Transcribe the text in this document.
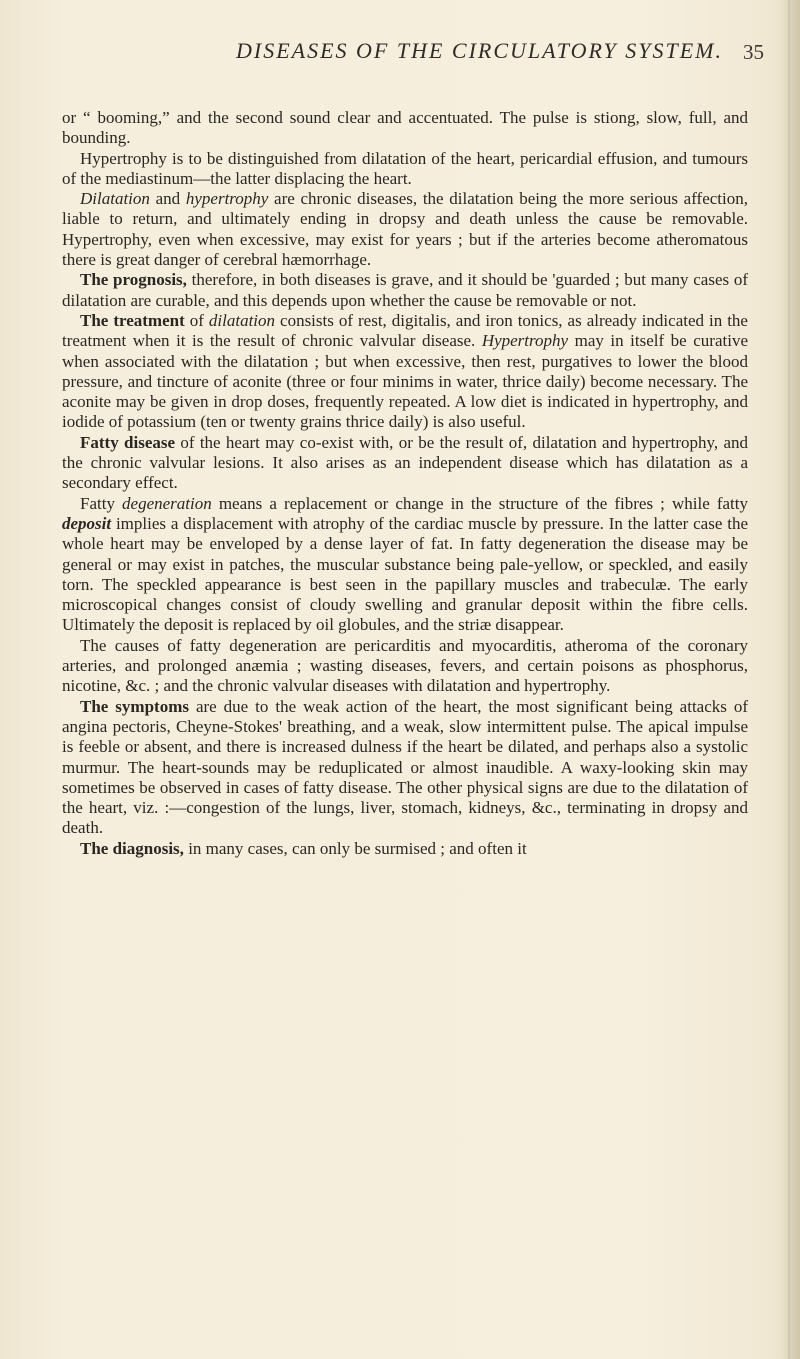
DISEASES OF THE CIRCULATORY SYSTEM. 35

or “ booming,” and the second sound clear and accentuated. The pulse is stiong, slow, full, and bounding.

Hypertrophy is to be distinguished from dilatation of the heart, pericardial effusion, and tumours of the mediastinum—the latter displacing the heart.

Dilatation and hypertrophy are chronic diseases, the dilatation being the more serious affection, liable to return, and ultimately ending in dropsy and death unless the cause be removable. Hypertrophy, even when excessive, may exist for years ; but if the arteries become atheromatous there is great danger of cerebral hæmorrhage.

The prognosis, therefore, in both diseases is grave, and it should be 'guarded ; but many cases of dilatation are curable, and this depends upon whether the cause be removable or not.

The treatment of dilatation consists of rest, digitalis, and iron tonics, as already indicated in the treatment when it is the result of chronic valvular disease. Hypertrophy may in itself be curative when associated with the dilatation ; but when excessive, then rest, purgatives to lower the blood pressure, and tincture of aconite (three or four minims in water, thrice daily) become necessary. The aconite may be given in drop doses, frequently repeated. A low diet is indicated in hypertrophy, and iodide of potassium (ten or twenty grains thrice daily) is also useful.

Fatty disease of the heart may co-exist with, or be the result of, dilatation and hypertrophy, and the chronic valvular lesions. It also arises as an independent disease which has dilatation as a secondary effect.

Fatty degeneration means a replacement or change in the structure of the fibres ; while fatty deposit implies a displacement with atrophy of the cardiac muscle by pressure. In the latter case the whole heart may be enveloped by a dense layer of fat. In fatty degeneration the disease may be general or may exist in patches, the muscular substance being pale-yellow, or speckled, and easily torn. The speckled appearance is best seen in the papillary muscles and trabeculæ. The early microscopical changes consist of cloudy swelling and granular deposit within the fibre cells. Ultimately the deposit is replaced by oil globules, and the striæ disappear.

The causes of fatty degeneration are pericarditis and myocarditis, atheroma of the coronary arteries, and prolonged anæmia ; wasting diseases, fevers, and certain poisons as phosphorus, nicotine, &c. ; and the chronic valvular diseases with dilatation and hypertrophy.

The symptoms are due to the weak action of the heart, the most significant being attacks of angina pectoris, Cheyne-Stokes' breathing, and a weak, slow intermittent pulse. The apical impulse is feeble or absent, and there is increased dulness if the heart be dilated, and perhaps also a systolic murmur. The heart-sounds may be reduplicated or almost inaudible. A waxy-looking skin may sometimes be observed in cases of fatty disease. The other physical signs are due to the dilatation of the heart, viz. :—congestion of the lungs, liver, stomach, kidneys, &c., terminating in dropsy and death.

The diagnosis, in many cases, can only be surmised ; and often it
